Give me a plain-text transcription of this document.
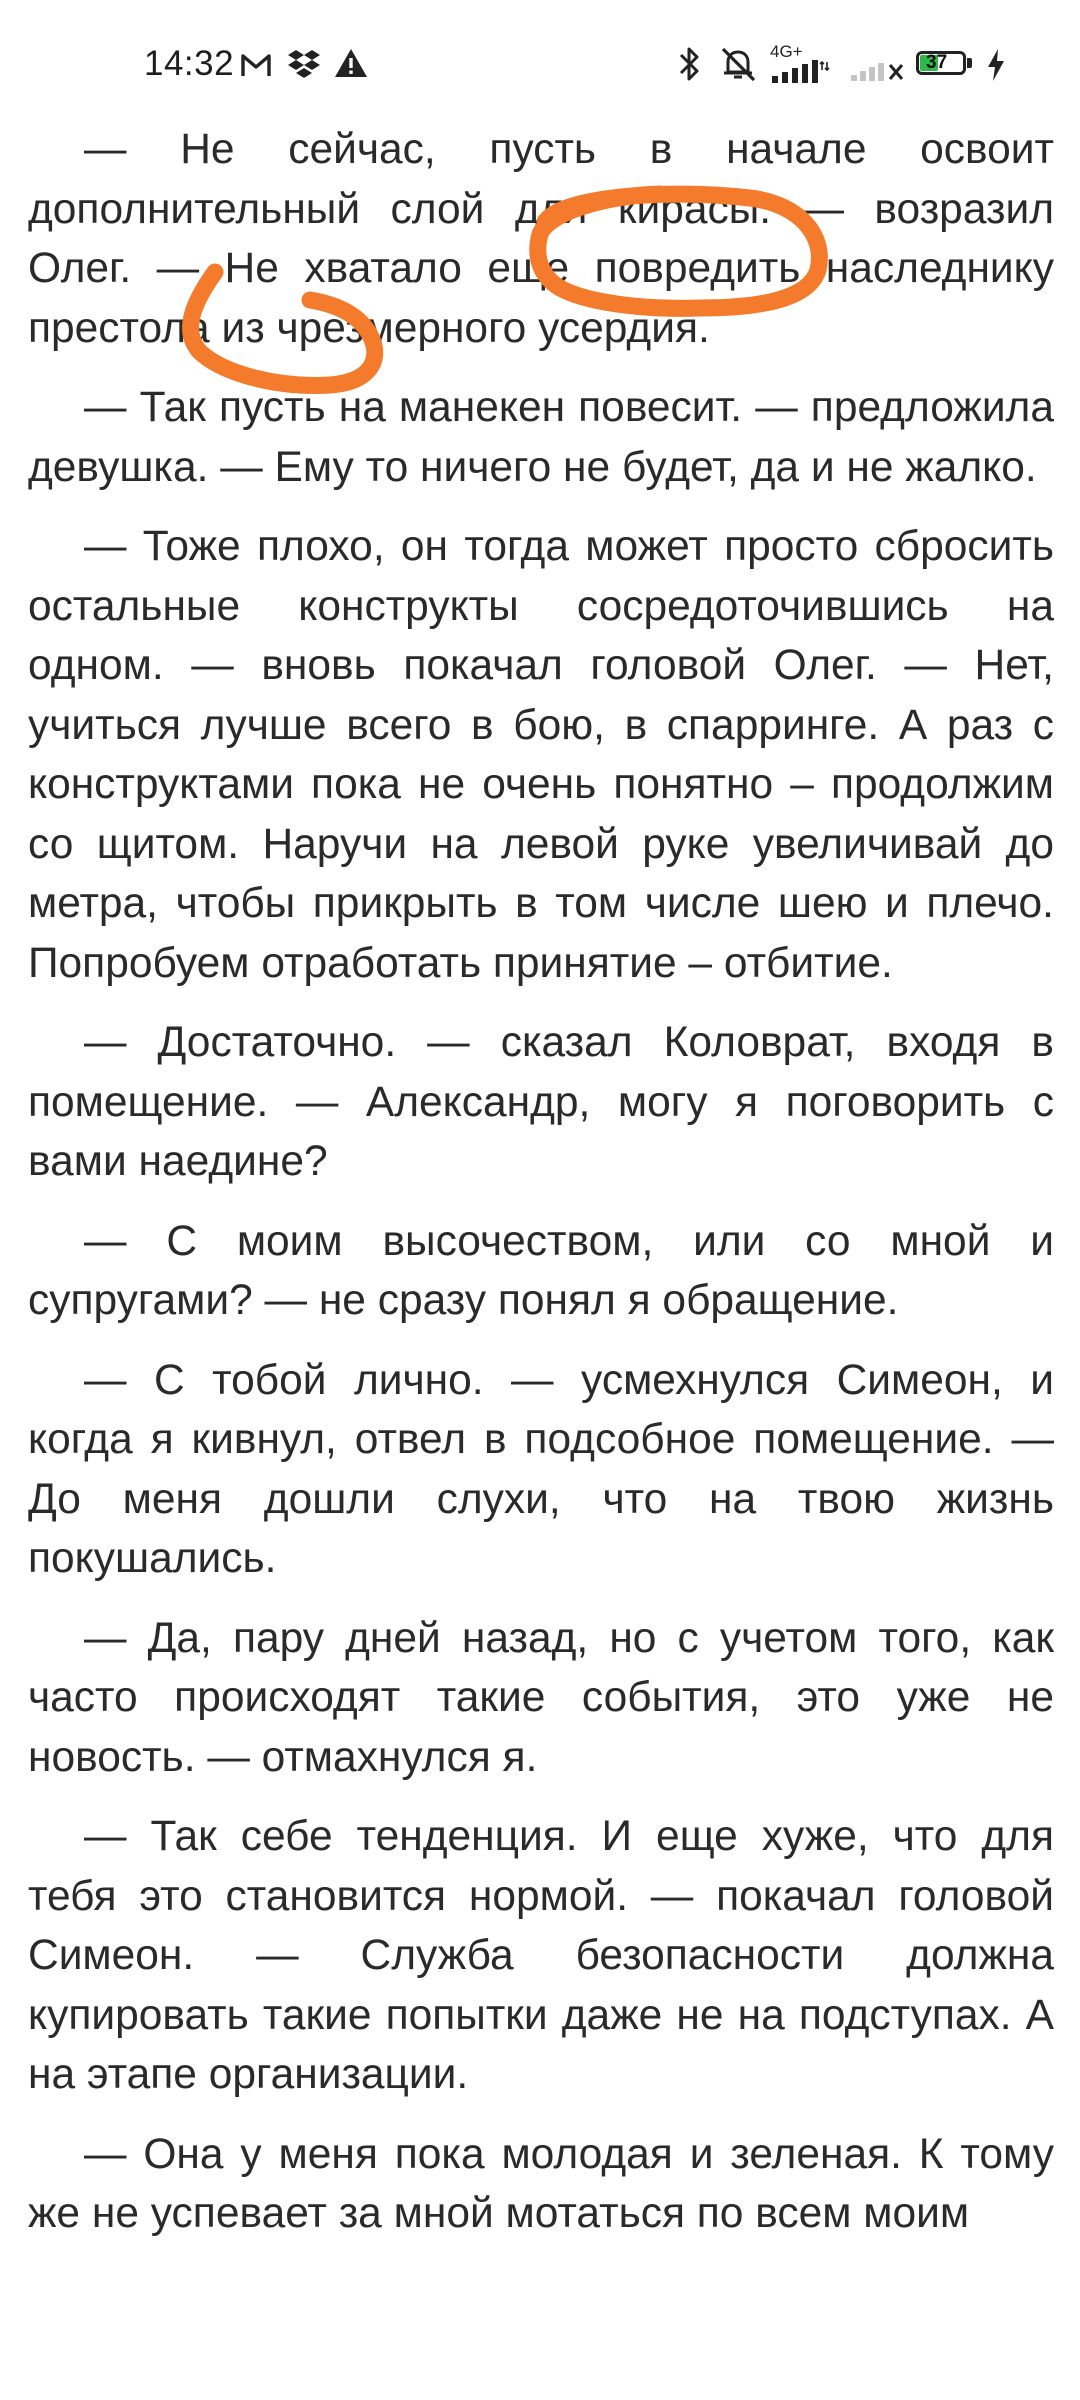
14:32	4G+
37

— Не сейчас, пусть в начале освоит дополнительный слой для кирасы. — возразил Олег. — Не хватало еще повредить наследнику престола из чрезмерного усердия.

— Так пусть на манекен повесит. — предложила девушка. — Ему то ничего не будет, да и не жалко.

— Тоже плохо, он тогда может просто сбросить остальные конструкты сосредоточившись на одном. — вновь покачал головой Олег. — Нет, учиться лучше всего в бою, в спарринге. А раз с конструктами пока не очень понятно – продолжим со щитом. Наручи на левой руке увеличивай до метра, чтобы прикрыть в том числе шею и плечо. Попробуем отработать принятие – отбитие.

— Достаточно. — сказал Коловрат, входя в помещение. — Александр, могу я поговорить с вами наедине?

— С моим высочеством, или со мной и супругами? — не сразу понял я обращение.

— С тобой лично. — усмехнулся Симеон, и когда я кивнул, отвел в подсобное помещение. — До меня дошли слухи, что на твою жизнь покушались.

— Да, пару дней назад, но с учетом того, как часто происходят такие события, это уже не новость. — отмахнулся я.

— Так себе тенденция. И еще хуже, что для тебя это становится нормой. — покачал головой Симеон. — Служба безопасности должна купировать такие попытки даже не на подступах. А на этапе организации.

— Она у меня пока молодая и зеленая. К тому же не успевает за мной мотаться по всем моим
